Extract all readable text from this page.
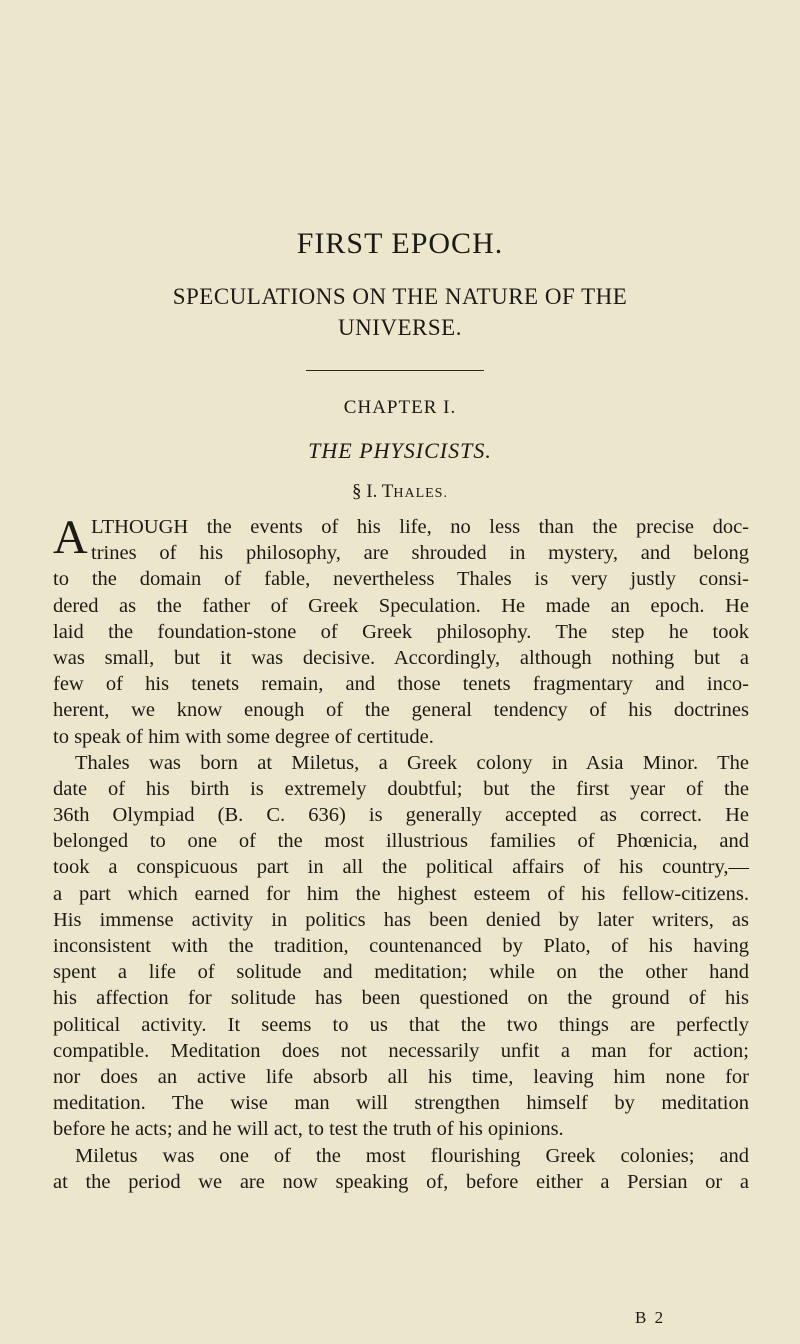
FIRST EPOCH.
SPECULATIONS ON THE NATURE OF THE
UNIVERSE.
CHAPTER I.
THE PHYSICISTS.
§ I. THALES.
A LTHOUGH the events of his life, no less than the precise doc-
trines of his philosophy, are shrouded in mystery, and belong
to the domain of fable, nevertheless Thales is very justly consi-
dered as the father of Greek Speculation. He made an epoch. He
laid the foundation-stone of Greek philosophy. The step he took
was small, but it was decisive. Accordingly, although nothing but a
few of his tenets remain, and those tenets fragmentary and inco-
herent, we know enough of the general tendency of his doctrines
to speak of him with some degree of certitude.
Thales was born at Miletus, a Greek colony in Asia Minor. The
date of his birth is extremely doubtful; but the first year of the
36th Olympiad (B. C. 636) is generally accepted as correct. He
belonged to one of the most illustrious families of Phœnicia, and
took a conspicuous part in all the political affairs of his country,—
a part which earned for him the highest esteem of his fellow-citizens.
His immense activity in politics has been denied by later writers, as
inconsistent with the tradition, countenanced by Plato, of his having
spent a life of solitude and meditation; while on the other hand
his affection for solitude has been questioned on the ground of his
political activity. It seems to us that the two things are perfectly
compatible. Meditation does not necessarily unfit a man for action;
nor does an active life absorb all his time, leaving him none for
meditation. The wise man will strengthen himself by meditation
before he acts; and he will act, to test the truth of his opinions.
Miletus was one of the most flourishing Greek colonies; and
at the period we are now speaking of, before either a Persian or a
B 2
